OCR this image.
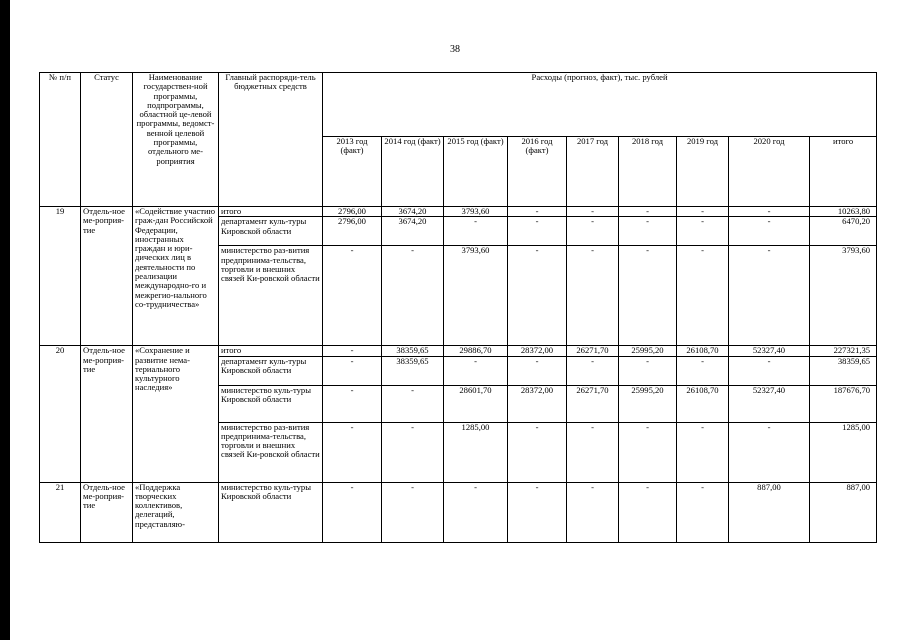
38
№ п/п	Статус	Наименование государствен-ной программы, подпрограммы, областной це-левой программы, ведомст-венной целевой программы, отдельного ме-роприятия	Главный распоряди-тель бюджетных средств	Расходы (прогноз, факт), тыс. рублей								
				2013 год (факт)	2014 год (факт)	2015 год (факт)	2016 год (факт)	2017 год	2018 год	2019 год	2020 год	итого
19	Отдель-ное ме-роприя-тие	«Содействие участию граж-дан Российской Федерации, иностранных граждан и юри-дических лиц в деятельности по реализации международно-го и межрегио-нального со-трудничества»	итого	2796,00	3674,20	3793,60	-	-	-	-	-	10263,80
			департамент куль-туры Кировской области	2796,00	3674,20	-	-	-	-	-	-	6470,20
			министерство раз-вития предпринима-тельства, торговли и внешних связей Ки-ровской области	-	-	3793,60	-	-	-	-	-	3793,60
20	Отдель-ное ме-роприя-тие	«Сохранение и развитие нема-териального культурного наследия»	итого	-	38359,65	29886,70	28372,00	26271,70	25995,20	26108,70	52327,40	227321,35
			департамент куль-туры Кировской области	-	38359,65	-	-	-	-	-	-	38359,65
			министерство куль-туры Кировской области	-	-	28601,70	28372,00	26271,70	25995,20	26108,70	52327,40	187676,70
			министерство раз-вития предпринима-тельства, торговли и внешних связей Ки-ровской области	-	-	1285,00	-	-	-	-	-	1285,00
21	Отдель-ное ме-роприя-тие	«Поддержка творческих коллективов, делегаций, представляю-	министерство куль-туры Кировской области	-	-	-	-	-	-	-	887,00	887,00
